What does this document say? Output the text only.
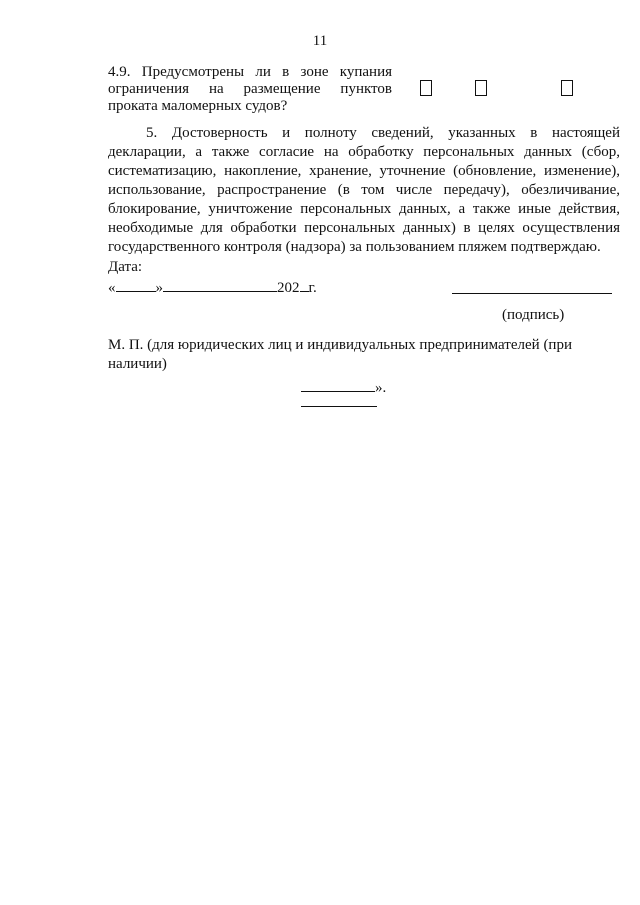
11
4.9. Предусмотрены ли в зоне купания ограничения на размещение пунктов проката маломерных судов?
5. Достоверность и полноту сведений, указанных в настоящей декларации, а также согласие на обработку персональных данных (сбор, систематизацию, накопление, хранение, уточнение (обновление, изменение), использование, распространение (в том числе передачу), обезличивание, блокирование, уничтожение персональных данных, а также иные действия, необходимые для обработки персональных данных) в целях осуществления государственного контроля (надзора) за пользованием пляжем подтверждаю.
Дата:
«	»	202 г.
(подпись)
М. П. (для юридических лиц и индивидуальных предпринимателей (при наличии)
».
